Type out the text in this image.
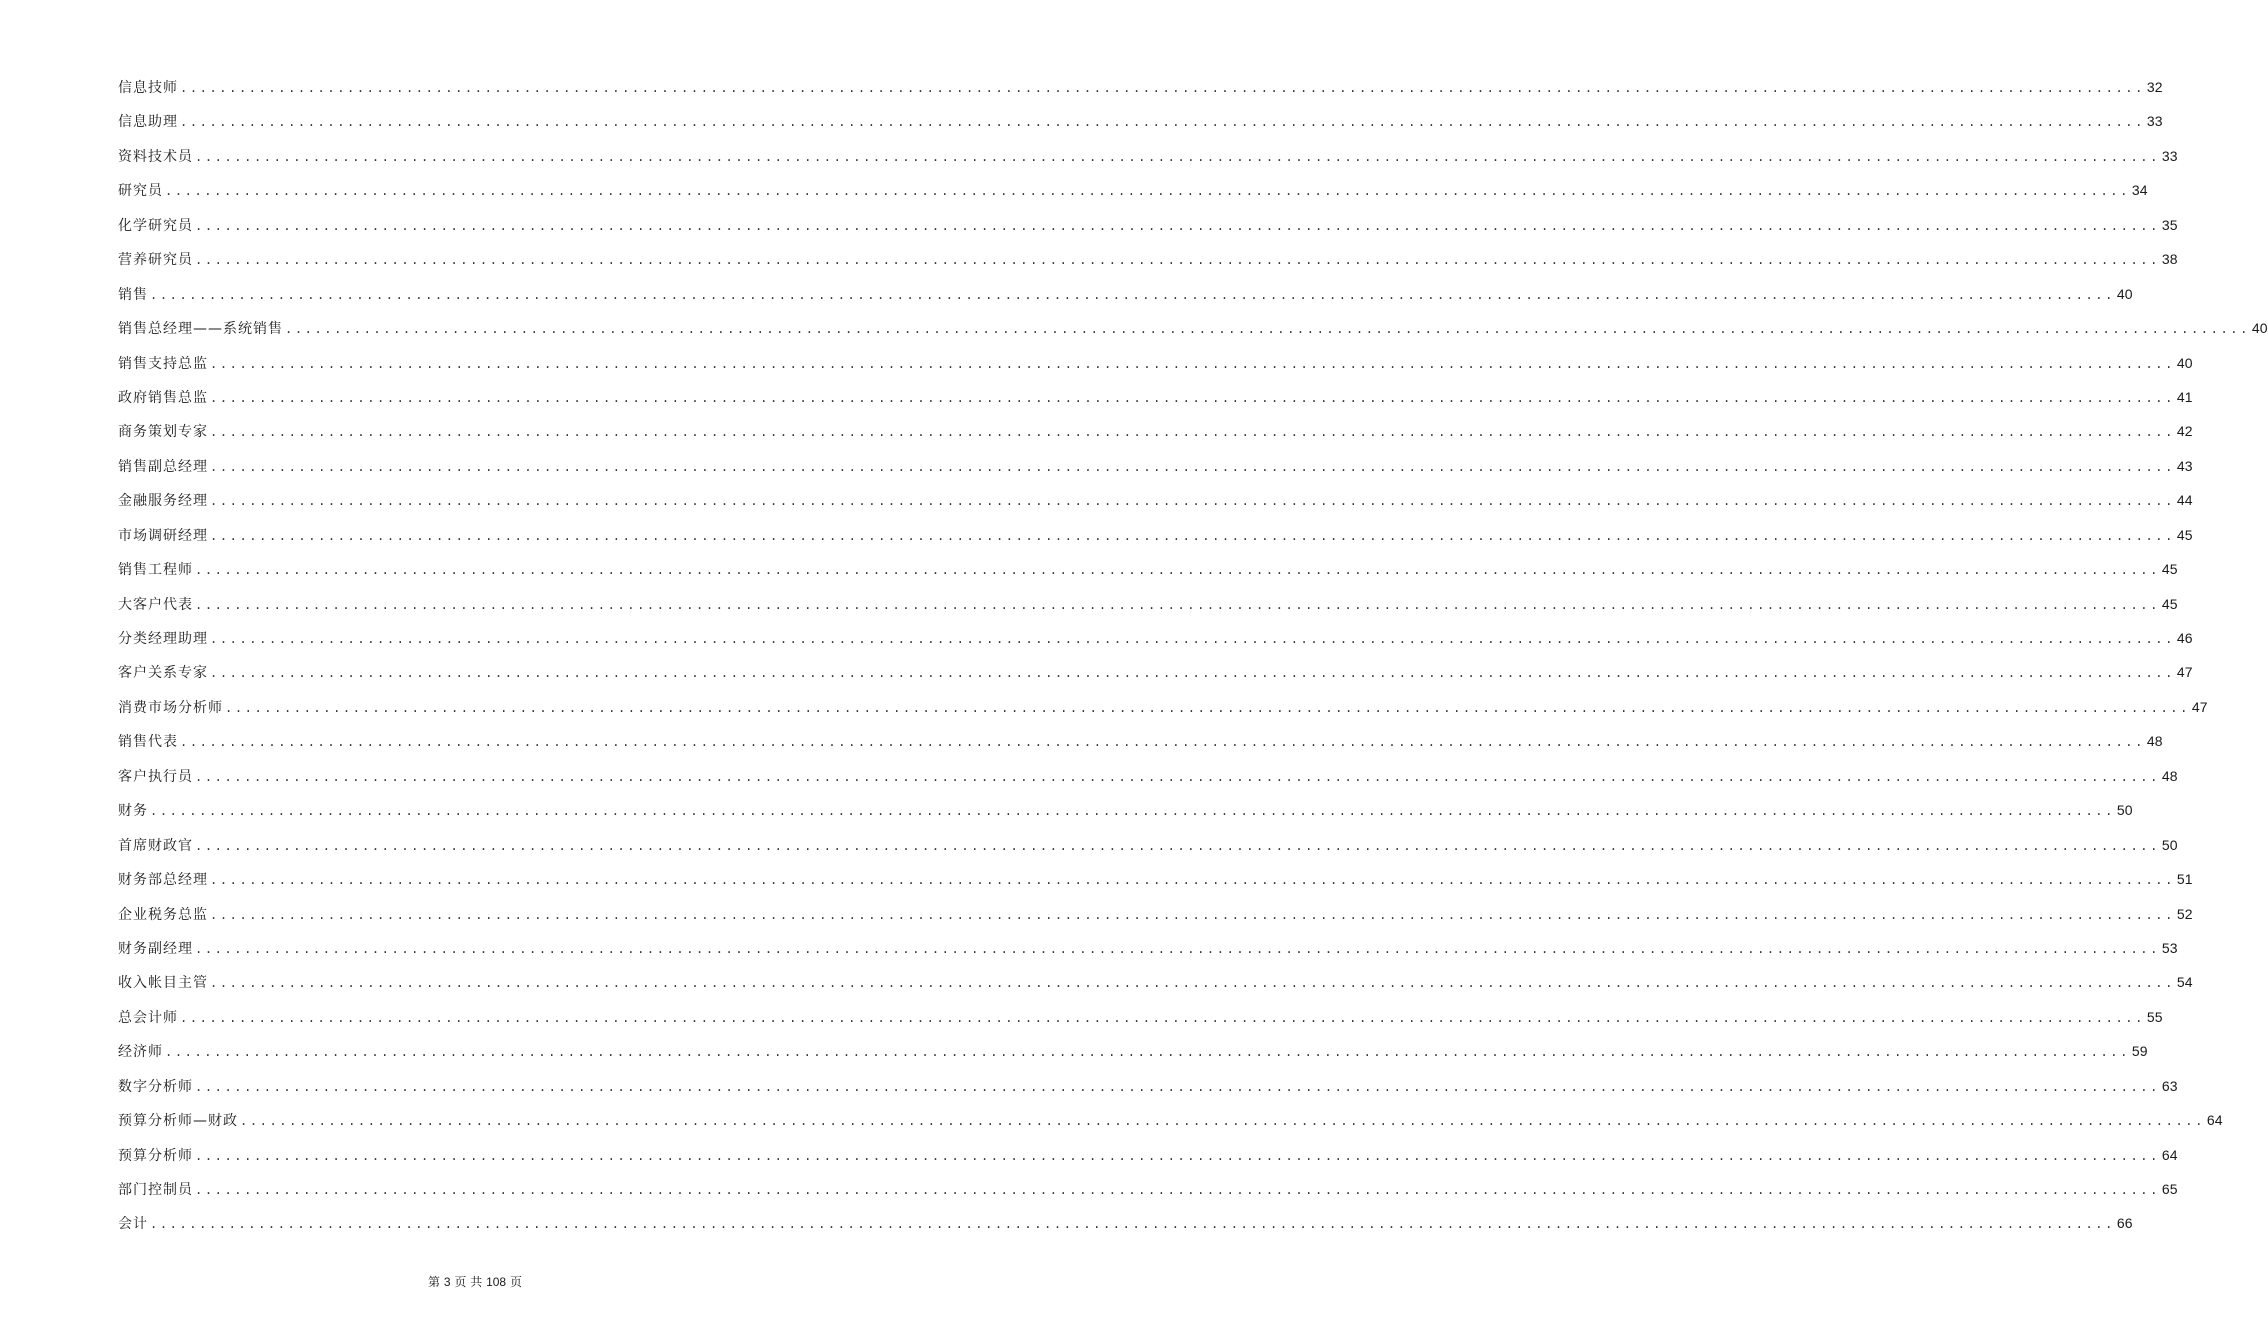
信息技师 ........................................................................................................................................................................................................ 32
信息助理 ........................................................................................................................................................................................................ 33
资料技术员 ........................................................................................................................................................................................................ 33
研究员 ........................................................................................................................................................................................................ 34
化学研究员 ........................................................................................................................................................................................................ 35
营养研究员 ........................................................................................................................................................................................................ 38
销售 ........................................................................................................................................................................................................ 40
销售总经理——系统销售 ........................................................................................................................................................................................................ 40
销售支持总监 ........................................................................................................................................................................................................ 40
政府销售总监 ........................................................................................................................................................................................................ 41
商务策划专家 ........................................................................................................................................................................................................ 42
销售副总经理 ........................................................................................................................................................................................................ 43
金融服务经理 ........................................................................................................................................................................................................ 44
市场调研经理 ........................................................................................................................................................................................................ 45
销售工程师 ........................................................................................................................................................................................................ 45
大客户代表 ........................................................................................................................................................................................................ 45
分类经理助理 ........................................................................................................................................................................................................ 46
客户关系专家 ........................................................................................................................................................................................................ 47
消费市场分析师 ........................................................................................................................................................................................................ 47
销售代表 ........................................................................................................................................................................................................ 48
客户执行员 ........................................................................................................................................................................................................ 48
财务 ........................................................................................................................................................................................................ 50
首席财政官 ........................................................................................................................................................................................................ 50
财务部总经理 ........................................................................................................................................................................................................ 51
企业税务总监 ........................................................................................................................................................................................................ 52
财务副经理 ........................................................................................................................................................................................................ 53
收入帐目主管 ........................................................................................................................................................................................................ 54
总会计师 ........................................................................................................................................................................................................ 55
经济师 ........................................................................................................................................................................................................ 59
数字分析师 ........................................................................................................................................................................................................ 63
预算分析师—财政 ........................................................................................................................................................................................................ 64
预算分析师 ........................................................................................................................................................................................................ 64
部门控制员 ........................................................................................................................................................................................................ 65
会计 ........................................................................................................................................................................................................ 66
第 3 页 共 108 页
